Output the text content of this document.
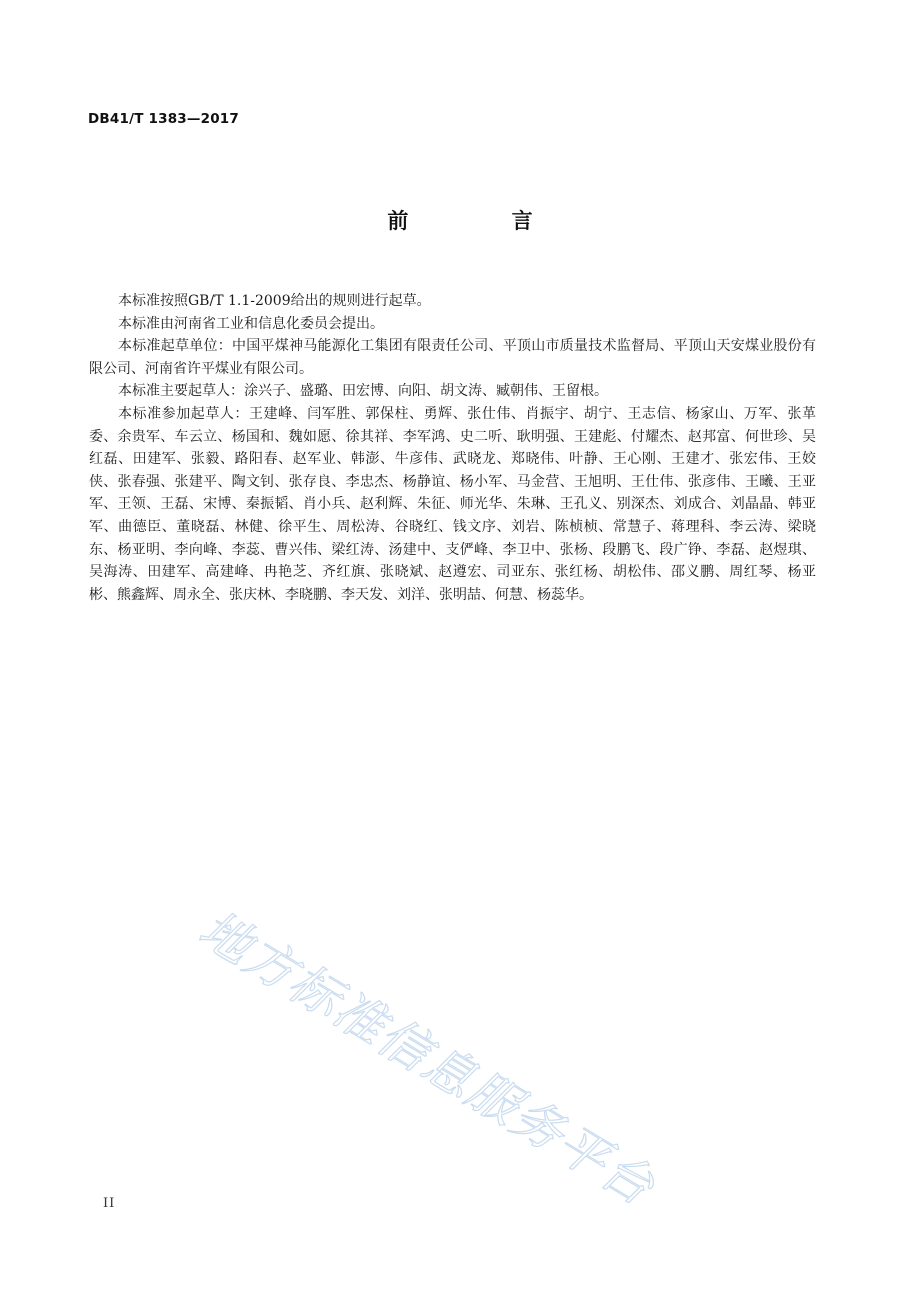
DB41/T 1383—2017
前 言

本标准按照GB/T 1.1-2009给出的规则进行起草。

本标准由河南省工业和信息化委员会提出。

本标准起草单位：中国平煤神马能源化工集团有限责任公司、平顶山市质量技术监督局、平顶山天安煤业股份有限公司、河南省许平煤业有限公司。

本标准主要起草人：涂兴子、盛璐、田宏博、向阳、胡文涛、臧朝伟、王留根。

本标准参加起草人：王建峰、闫军胜、郭保柱、勇辉、张仕伟、肖振宇、胡宁、王志信、杨家山、万军、张革委、余贵军、车云立、杨国和、魏如愿、徐其祥、李军鸿、史二听、耿明强、王建彪、付耀杰、赵邦富、何世珍、吴红磊、田建军、张毅、路阳春、赵军业、韩澎、牛彦伟、武晓龙、郑晓伟、叶静、王心刚、王建才、张宏伟、王姣侠、张春强、张建平、陶文钊、张存良、李忠杰、杨静谊、杨小军、马金营、王旭明、王仕伟、张彦伟、王曦、王亚军、王领、王磊、宋博、秦振韬、肖小兵、赵利辉、朱征、师光华、朱琳、王孔义、别深杰、刘成合、刘晶晶、韩亚军、曲德臣、董晓磊、林健、徐平生、周松涛、谷晓红、钱文序、刘岩、陈桢桢、常慧子、蒋理科、李云涛、梁晓东、杨亚明、李向峰、李蕊、曹兴伟、梁红涛、汤建中、支俨峰、李卫中、张杨、段鹏飞、段广铮、李磊、赵煜琪、吴海涛、田建军、高建峰、冉艳芝、齐红旗、张晓斌、赵遵宏、司亚东、张红杨、胡松伟、邵义鹏、周红琴、杨亚彬、熊鑫辉、周永全、张庆林、李晓鹏、李天发、刘洋、张明喆、何慧、杨蕊华。

地方标准信息服务平台
II
